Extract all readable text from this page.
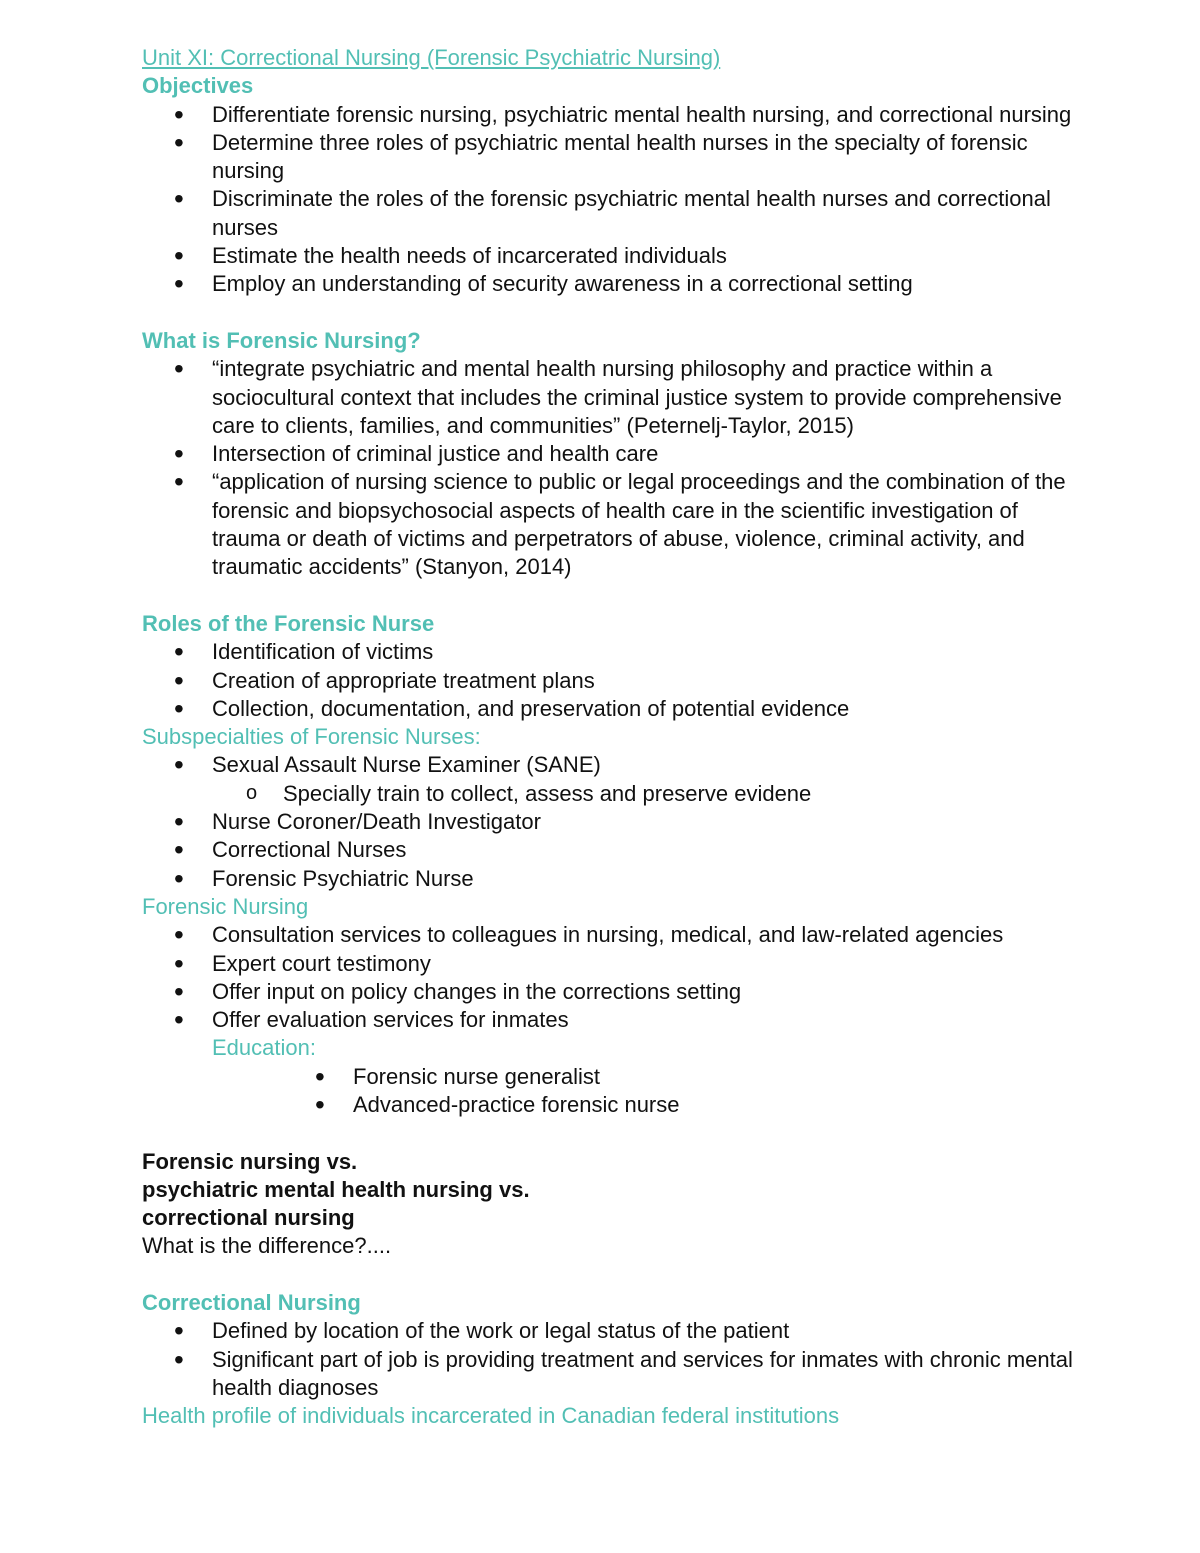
Unit XI: Correctional Nursing (Forensic Psychiatric Nursing)

Objectives

• Differentiate forensic nursing, psychiatric mental health nursing, and correctional nursing
• Determine three roles of psychiatric mental health nurses in the specialty of forensic nursing
• Discriminate the roles of the forensic psychiatric mental health nurses and correctional nurses
• Estimate the health needs of incarcerated individuals
• Employ an understanding of security awareness in a correctional setting

What is Forensic Nursing?

• “integrate psychiatric and mental health nursing philosophy and practice within a sociocultural context that includes the criminal justice system to provide comprehensive care to clients, families, and communities” (Peternelj-Taylor, 2015)
• Intersection of criminal justice and health care
• “application of nursing science to public or legal proceedings and the combination of the forensic and biopsychosocial aspects of health care in the scientific investigation of trauma or death of victims and perpetrators of abuse, violence, criminal activity, and traumatic accidents” (Stanyon, 2014)

Roles of the Forensic Nurse

• Identification of victims
• Creation of appropriate treatment plans
• Collection, documentation, and preservation of potential evidence

Subspecialties of Forensic Nurses:

• Sexual Assault Nurse Examiner (SANE)
o Specially train to collect, assess and preserve evidene
• Nurse Coroner/Death Investigator
• Correctional Nurses
• Forensic Psychiatric Nurse

Forensic Nursing

• Consultation services to colleagues in nursing, medical, and law-related agencies
• Expert court testimony
• Offer input on policy changes in the corrections setting
• Offer evaluation services for inmates

Education:

• Forensic nurse generalist
• Advanced-practice forensic nurse

Forensic nursing vs.

psychiatric mental health nursing vs.

correctional nursing

What is the difference?....

Correctional Nursing

• Defined by location of the work or legal status of the patient
• Significant part of job is providing treatment and services for inmates with chronic mental health diagnoses

Health profile of individuals incarcerated in Canadian federal institutions
